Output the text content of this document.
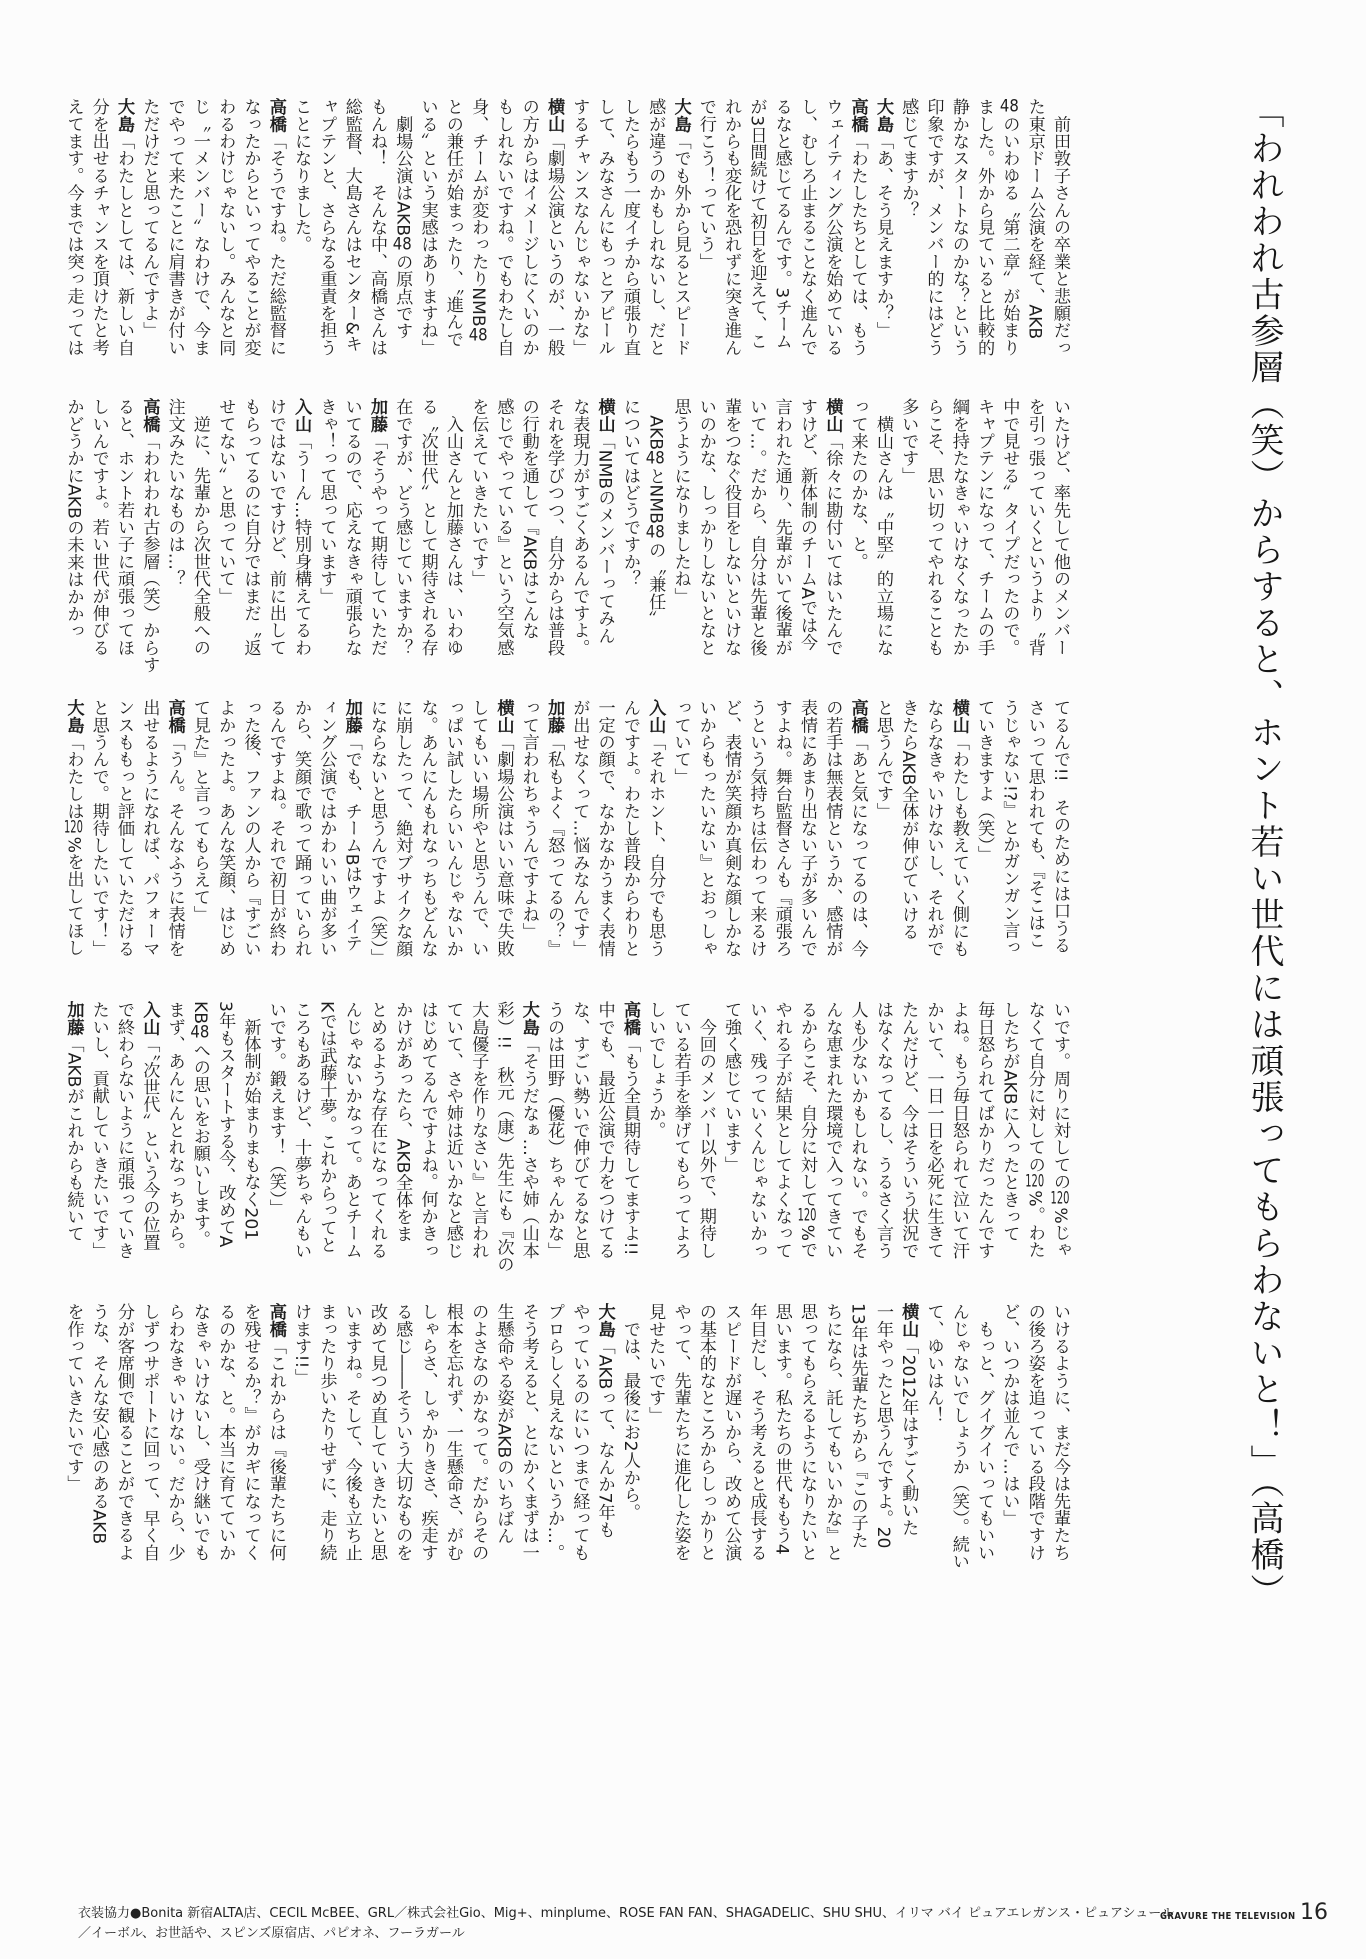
「われわれ古参層（笑）からすると、ホント若い世代には頑張ってもらわないと！」（高橋）
　前田敦子さんの卒業と悲願だっ
た東京ドーム公演を経て、AKB
48のいわゆる〝第二章〟が始まり
ました。外から見ていると比較的
静かなスタートなのかな？という
印象ですが、メンバー的にはどう
感じてますか？
大島「あ、そう見えますか？」
高橋「わたしたちとしては、もう
ウェイティング公演を始めている
し、むしろ止まることなく進んで
るなと感じてるんです。3チーム
が3日間続けて初日を迎えて、こ
れからも変化を恐れずに突き進ん
で行こう！っていう」
大島「でも外から見るとスピード
感が違うのかもしれないし、だと
したらもう一度イチから頑張り直
して、みなさんにもっとアピール
するチャンスなんじゃないかな」
横山「劇場公演というのが、一般
の方からはイメージしにくいのか
もしれないですね。でもわたし自
身、チームが変わったりNMB48
との兼任が始まったり、〝進んで
いる〟という実感はありますね」
　劇場公演はAKB48の原点です
もんね！　そんな中、高橋さんは
総監督、大島さんはセンター&キ
ャプテンと、さらなる重責を担う
ことになりました。
高橋「そうですね。ただ総監督に
なったからといってやることが変
わるわけじゃないし。みんなと同
じ〝一メンバー〟なわけで、今ま
でやって来たことに肩書きが付い
ただけだと思ってるんですよ」
大島「わたしとしては、新しい自
分を出せるチャンスを頂けたと考
えてます。今までは突っ走っては
いたけど、率先して他のメンバー
を引っ張っていくというより〝背
中で見せる〟タイプだったので。
キャプテンになって、チームの手
綱を持たなきゃいけなくなったか
らこそ、思い切ってやれることも
多いです」
　横山さんは〝中堅〟的立場にな
って来たのかな、と。
横山「徐々に勘付いてはいたんで
すけど、新体制のチームAでは今
言われた通り、先輩がいて後輩が
いて…。だから、自分は先輩と後
輩をつなぐ役目をしないといけな
いのかな、しっかりしないとなと
思うようになりましたね」
　AKB48とNMB48の〝兼任〟
についてはどうですか？
横山「NMBのメンバーってみん
な表現力がすごくあるんですよ。
それを学びつつ、自分からは普段
の行動を通して『AKBはこんな
感じでやっている』という空気感
を伝えていきたいです」
　入山さんと加藤さんは、いわゆ
る〝次世代〟として期待される存
在ですが、どう感じていますか？
加藤「そうやって期待していただ
いてるので、応えなきゃ頑張らな
きゃ！って思っています」
入山「うーん…特別身構えてるわ
けではないですけど、前に出して
もらってるのに自分ではまだ〝返
せてない〟と思っていて」
　逆に、先輩から次世代全般への
注文みたいなものは…？
高橋「われわれ古参層（笑）からす
ると、ホント若い子に頑張ってほ
しいんですよ。若い世代が伸びる
かどうかにAKBの未来はかかっ
てるんで!!　そのためには口うる
さいって思われても、『そこはこ
うじゃない!?』とかガンガン言っ
ていきますよ（笑）」
横山「わたしも教えていく側にも
ならなきゃいけないし、それがで
きたらAKB全体が伸びていける
と思うんです」
高橋「あと気になってるのは、今
の若手は無表情というか、感情が
表情にあまり出ない子が多いんで
すよね。舞台監督さんも『頑張ろ
うという気持ちは伝わって来るけ
ど、表情が笑顔か真剣な顔しかな
いからもったいない』とおっしゃ
っていて」
入山「それホント、自分でも思う
んですよ。わたし普段からわりと
一定の顔で、なかなかうまく表情
が出せなくって…悩みなんです」
加藤「私もよく『怒ってるの？』
って言われちゃうんですよね」
横山「劇場公演はいい意味で失敗
してもいい場所やと思うんで、い
っぱい試したらいいんじゃないか
な。あんにんもれなっちもどんな
に崩したって、絶対ブサイクな顔
にならないと思うんですよ（笑）」
加藤「でも、チームBはウェイテ
ィング公演ではかわいい曲が多い
から、笑顔で歌って踊っていられ
るんですよね。それで初日が終わ
った後、ファンの人から『すごい
よかったよ。あんな笑顔、はじめ
て見た』と言ってもらえて」
高橋「うん。そんなふうに表情を
出せるようになれば、パフォーマ
ンスももっと評価していただける
と思うんで。期待したいです！」
大島「わたしは120%を出してほし
いです。周りに対しての120%じゃ
なくて自分に対しての120%。わた
したちがAKBに入ったときって
毎日怒られてばかりだったんです
よね。もう毎日怒られて泣いて汗
かいて、一日一日を必死に生きて
たんだけど、今はそういう状況で
はなくなってるし、うるさく言う
人も少ないかもしれない。でもそ
んな恵まれた環境で入ってきてい
るからこそ、自分に対して120%で
やれる子が結果としてよくなって
いく、残っていくんじゃないかっ
て強く感じています」
　今回のメンバー以外で、期待し
ている若手を挙げてもらってよろ
しいでしょうか。
高橋「もう全員期待してますよ!!
中でも、最近公演で力をつけてる
な、すごい勢いで伸びてるなと思
うのは田野（優花）ちゃんかな」
大島「そうだなぁ…さや姉（山本
彩）!!　秋元（康）先生にも『次の
大島優子を作りなさい』と言われ
ていて、さや姉は近いかなと感じ
はじめてるんですよね。何かきっ
かけがあったら、AKB全体をま
とめるような存在になってくれる
んじゃないかなって。あとチーム
Kでは武藤十夢。これからってと
ころもあるけど、十夢ちゃんもい
いです。鍛えます！（笑）」
　新体制が始まりまもなく201
3年もスタートする今、改めてA
KB48への思いをお願いします。
まず、あんにんとれなっちから。
入山「〝次世代〟という今の位置
で終わらないように頑張っていき
たいし、貢献していきたいです」
加藤「AKBがこれからも続いて
いけるように、まだ今は先輩たち
の後ろ姿を追っている段階ですけ
ど、いつかは並んで…はい」
　もっと、グイグイいってもいい
んじゃないでしょうか（笑）。続い
て、ゆいはん！
横山「2012年はすごく動いた
一年やったと思うんですよ。20
13年は先輩たちから『この子た
ちになら、託してもいいかな』と
思ってもらえるようになりたいと
思います。私たちの世代ももう4
年目だし、そう考えると成長する
スピードが遅いから、改めて公演
の基本的なところからしっかりと
やって、先輩たちに進化した姿を
見せたいです」
　では、最後にお2人から。
大島「AKBって、なんか7年も
やっているのにいつまで経っても
プロらしく見えないというか…。
そう考えると、とにかくまずは一
生懸命やる姿がAKBのいちばん
のよさなのかなって。だからその
根本を忘れず、一生懸命さ、がむ
しゃらさ、しゃかりきさ、疾走す
る感じ――そういう大切なものを
改めて見つめ直していきたいと思
いますね。そして、今後も立ち止
まったり歩いたりせずに、走り続
けます!!」
高橋「これからは『後輩たちに何
を残せるか？』がカギになってく
るのかな、と。本当に育てていか
なきゃいけないし、受け継いでも
らわなきゃいけない。だから、少
しずつサポートに回って、早く自
分が客席側で観ることができるよ
うな、そんな安心感のあるAKB
を作っていきたいです」
衣装協力●Bonita 新宿ALTA店、CECIL McBEE、GRL／株式会社Gio、Mig+、minplume、ROSE FAN FAN、SHAGADELIC、SHU SHU、イリマ バイ ピュアエレガンス・ピュアシュール
／イーボル、お世話や、スピンズ原宿店、パピオネ、フーラガール
GRAVURE THE TELEVISION 16
